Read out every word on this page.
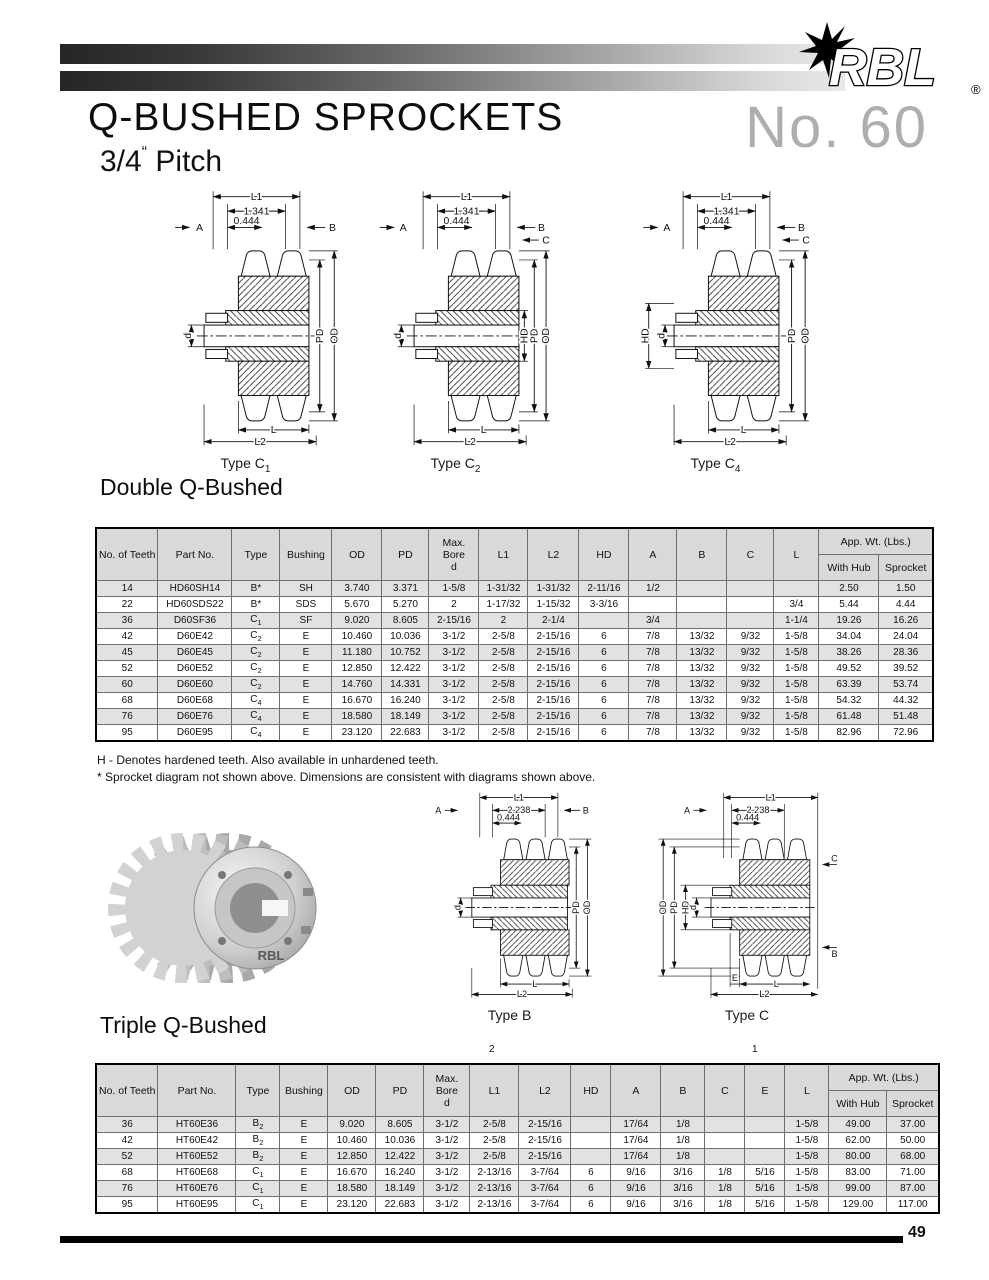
RBL	®
Q-BUSHED SPROCKETS	No. 60
3/4“ Pitch
L1
1.341
A
0.444
B
d	PD OD
L
L2
Type $C_1$
L1
1.341
A
0.444
B
C
d	HD
PD OD
L
L2
Type $C_2$
L1
1.341
A
0.444
B
C
HD d	PD OD
L
L2
Type $C_4$
Double Q-Bushed
No. of Teeth	Part No.	Type	Bushing	OD	PD	Max.
Bore
d	L1	L2	HD	A	B	C	L	App. Wt. (Lbs.)	
														With Hub	Sprocket
14	HD60SH14	B*	SH	3.740	3.371	1-5/8	1-31/32	1-31/32	2-11/16	1/2				2.50	1.50
22	HD60SDS22	B*	SDS	5.670	5.270	2	1-17/32	1-15/32	3-3/16				3/4	5.44	4.44
36	D60SF36	$C_1$	SF	9.020	8.605	2-15/16	2	2-1/4		3/4			1-1/4	19.26	16.26
42	D60E42	$C_2$	E	10.460	10.036	3-1/2	2-5/8	2-15/16	6	7/8	13/32	9/32	1-5/8	34.04	24.04
45	D60E45	$C_2$	E	11.180	10.752	3-1/2	2-5/8	2-15/16	6	7/8	13/32	9/32	1-5/8	38.26	28.36
52	D60E52	$C_2$	E	12.850	12.422	3-1/2	2-5/8	2-15/16	6	7/8	13/32	9/32	1-5/8	49.52	39.52
60	D60E60	$C_2$	E	14.760	14.331	3-1/2	2-5/8	2-15/16	6	7/8	13/32	9/32	1-5/8	63.39	53.74
68	D60E68	$C_4$	E	16.670	16.240	3-1/2	2-5/8	2-15/16	6	7/8	13/32	9/32	1-5/8	54.32	44.32
76	D60E76	$C_4$	E	18.580	18.149	3-1/2	2-5/8	2-15/16	6	7/8	13/32	9/32	1-5/8	61.48	51.48
95	D60E95	$C_4$	E	23.120	22.683	3-1/2	2-5/8	2-15/16	6	7/8	13/32	9/32	1-5/8	82.96	72.96
H - Denotes hardened teeth. Also available in unhardened teeth.
* Sprocket diagram not shown above. Dimensions are consistent with diagrams shown above.
RBL
L1
A	2.238	B
0.444
d	PD OD
L
L2
Type B
L1
A	2.238
0.444
OD PD HD
d
C
B
E
L
L2
Type C
Triple Q-Bushed
2	1
No. of Teeth	Part No.	Type	Bushing	OD	PD	Max.
Bore
d	L1	L2	HD	A	B	C	E	L	App. Wt. (Lbs.)	
															With Hub	Sprocket
36	HT60E36	$B_2$	E	9.020	8.605	3-1/2	2-5/8	2-15/16		17/64	1/8			1-5/8	49.00	37.00
42	HT60E42	$B_2$	E	10.460	10.036	3-1/2	2-5/8	2-15/16		17/64	1/8			1-5/8	62.00	50.00
52	HT60E52	$B_2$	E	12.850	12.422	3-1/2	2-5/8	2-15/16		17/64	1/8			1-5/8	80.00	68.00
68	HT60E68	$C_1$	E	16.670	16.240	3-1/2	2-13/16	3-7/64	6	9/16	3/16	1/8	5/16	1-5/8	83.00	71.00
76	HT60E76	$C_1$	E	18.580	18.149	3-1/2	2-13/16	3-7/64	6	9/16	3/16	1/8	5/16	1-5/8	99.00	87.00
95	HT60E95	$C_1$	E	23.120	22.683	3-1/2	2-13/16	3-7/64	6	9/16	3/16	1/8	5/16	1-5/8	129.00	117.00
49
